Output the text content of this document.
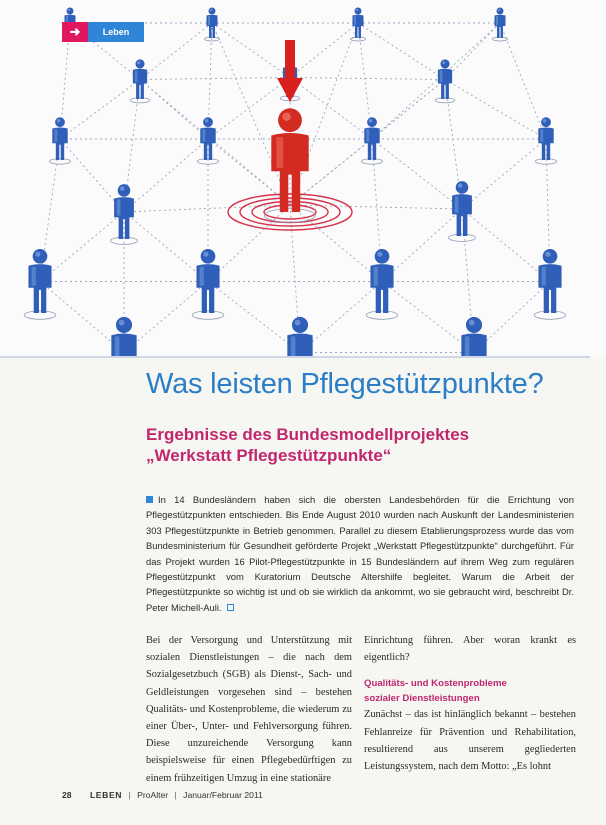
➜	Leben
Was leisten Pflegestützpunkte?
Ergebnisse des Bundesmodellprojektes
„Werkstatt Pflegestützpunkte“

In 14 Bundesländern haben sich die obersten Landesbehörden für die Errichtung von Pflegestützpunkten entschieden. Bis Ende August 2010 wurden nach Auskunft der Landesministerien 303 Pflegestützpunkte in Betrieb genommen. Parallel zu diesem Etablierungsprozess wurde das vom Bundesministerium für Gesundheit geförderte Projekt „Werkstatt Pflegestützpunkte“ durchgeführt. Für das Projekt wurden 16 Pilot-Pflegestützpunkte in 15 Bundesländern auf ihrem Weg zum regulären Pflegestützpunkt vom Kuratorium Deutsche Altershilfe begleitet. Warum die Arbeit der Pflegestützpunkte so wichtig ist und ob sie wirklich da ankommt, wo sie gebraucht wird, beschreibt Dr. Peter Michell-Auli.

Bei der Versorgung und Unterstützung mit sozialen Dienstleistungen – die nach dem Sozialgesetzbuch (SGB) als Dienst-, Sach- und Geldleistungen vorgesehen sind – bestehen Qualitäts- und Kostenprobleme, die wiederum zu einer Über-, Unter- und Fehlversorgung führen. Diese unzureichende Versorgung kann beispielsweise für einen Pflegebedürftigen zu einem frühzeitigen Umzug in eine stationäre

Einrichtung führen. Aber woran krankt es eigentlich?

Qualitäts- und Kostenprobleme
sozialer Dienstleistungen

Zunächst – das ist hinlänglich bekannt – bestehen Fehlanreize für Prävention und Rehabilitation, resultierend aus unserem gegliederten Leistungssystem, nach dem Motto: „Es lohnt

28 LEBEN | ProAlter | Januar/Februar 2011
